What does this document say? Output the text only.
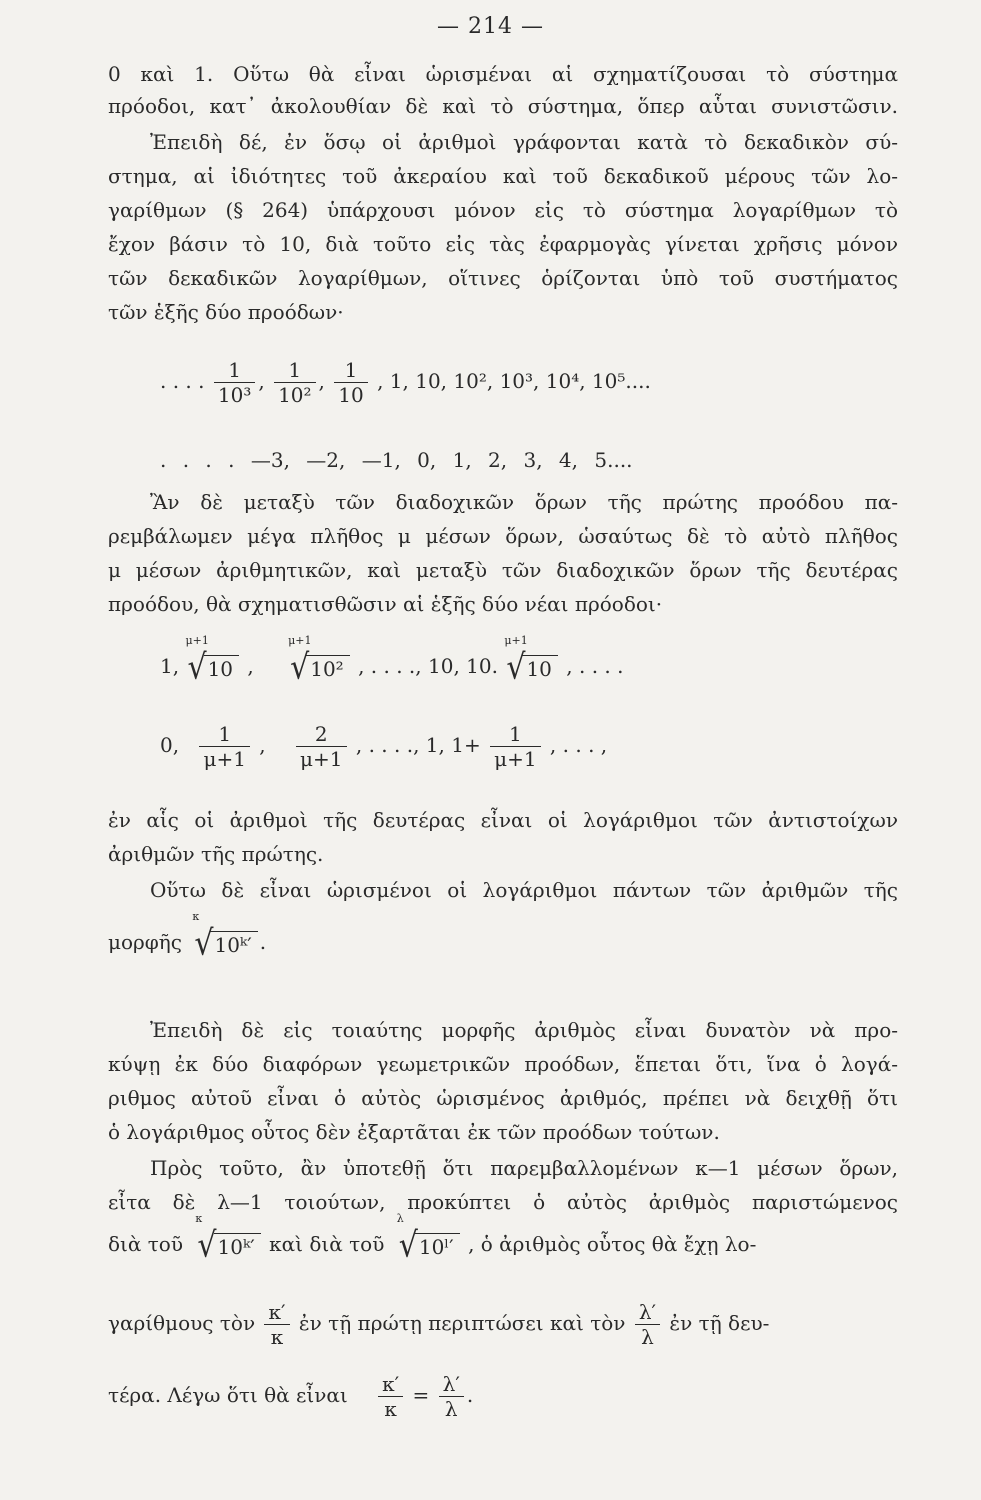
— 214 —
0 καὶ 1. Οὕτω θὰ εἶναι ὡρισμέναι αἱ σχηματίζουσαι τὸ σύστημα
πρόοδοι, κατ᾽ ἀκολουθίαν δὲ καὶ τὸ σύστημα, ὅπερ αὗται συνιστῶσιν.
Ἐπειδὴ δέ, ἐν ὅσῳ οἱ ἀριθμοὶ γράφονται κατὰ τὸ δεκαδικὸν σύ-
στημα, αἱ ἰδιότητες τοῦ ἀκεραίου καὶ τοῦ δεκαδικοῦ μέρους τῶν λο-
γαρίθμων (§ 264) ὑπάρχουσι μόνον εἰς τὸ σύστημα λογαρίθμων τὸ
ἔχον βάσιν τὸ 10, διὰ τοῦτο εἰς τὰς ἐφαρμογὰς γίνεται χρῆσις μόνον
τῶν δεκαδικῶν λογαρίθμων, οἵτινες ὁρίζονται ὑπὸ τοῦ συστήματος
τῶν ἑξῆς δύο προόδων·
. . . . $\frac{1}{\text{10³}}$ , $\frac{1}{\text{10²}}$ , $\frac{1}{10}$ , 1, 10, 10², 10³, 10⁴, 10⁵....
. . . . —3, —2, —1, 0, 1, 2, 3, 4, 5....
Ἂν δὲ μεταξὺ τῶν διαδοχικῶν ὅρων τῆς πρώτης προόδου πα-
ρεμβάλωμεν μέγα πλῆθος μ μέσων ὅρων, ὡσαύτως δὲ τὸ αὐτὸ πλῆθος
μ μέσων ἀριθμητικῶν, καὶ μεταξὺ τῶν διαδοχικῶν ὅρων τῆς δευτέρας
προόδου, θὰ σχηματισθῶσιν αἱ ἑξῆς δύο νέαι πρόοδοι·
1,
μ+1
√10 ,
μ+1
√10² , . . . ., 10, 10.
μ+1
√10 , . . . .
0, $\frac{1}{\mu+1}$ , $\frac{2}{\mu+1}$ , . . . ., 1, $1+ \frac{1}{\mu+1}$ , . . . ,
ἐν αἷς οἱ ἀριθμοὶ τῆς δευτέρας εἶναι οἱ λογάριθμοι τῶν ἀντιστοίχων
ἀριθμῶν τῆς πρώτης.
Οὕτω δὲ εἶναι ὡρισμένοι οἱ λογάριθμοι πάντων τῶν ἀριθμῶν τῆς
μορφῆς
κ
√10ᵏ′ .
Ἐπειδὴ δὲ εἰς τοιαύτης μορφῆς ἀριθμὸς εἶναι δυνατὸν νὰ προ-
κύψῃ ἐκ δύο διαφόρων γεωμετρικῶν προόδων, ἕπεται ὅτι, ἵνα ὁ λογά-
ριθμος αὐτοῦ εἶναι ὁ αὐτὸς ὡρισμένος ἀριθμός, πρέπει νὰ δειχθῇ ὅτι
ὁ λογάριθμος οὗτος δὲν ἐξαρτᾶται ἐκ τῶν προόδων τούτων.
Πρὸς τοῦτο, ἂν ὑποτεθῇ ὅτι παρεμβαλλομένων κ—1 μέσων ὅρων,
εἶτα δὲ λ—1 τοιούτων, προκύπτει ὁ αὐτὸς ἀριθμὸς παριστώμενος
διὰ τοῦ
κ
√10ᵏ′ καὶ διὰ τοῦ
λ
√10ˡ′ , ὁ ἀριθμὸς οὗτος θὰ ἔχῃ λο-
γαρίθμους τὸν $\frac{\kappa'}{\kappa}$ ἐν τῇ πρώτῃ περιπτώσει καὶ τὸν $\frac{\lambda'}{\lambda}$ ἐν τῇ δευ-
τέρα. Λέγω ὅτι θὰ εἶναι $\frac{\kappa'}{\kappa} = \frac{\lambda'}{\lambda}$ .
